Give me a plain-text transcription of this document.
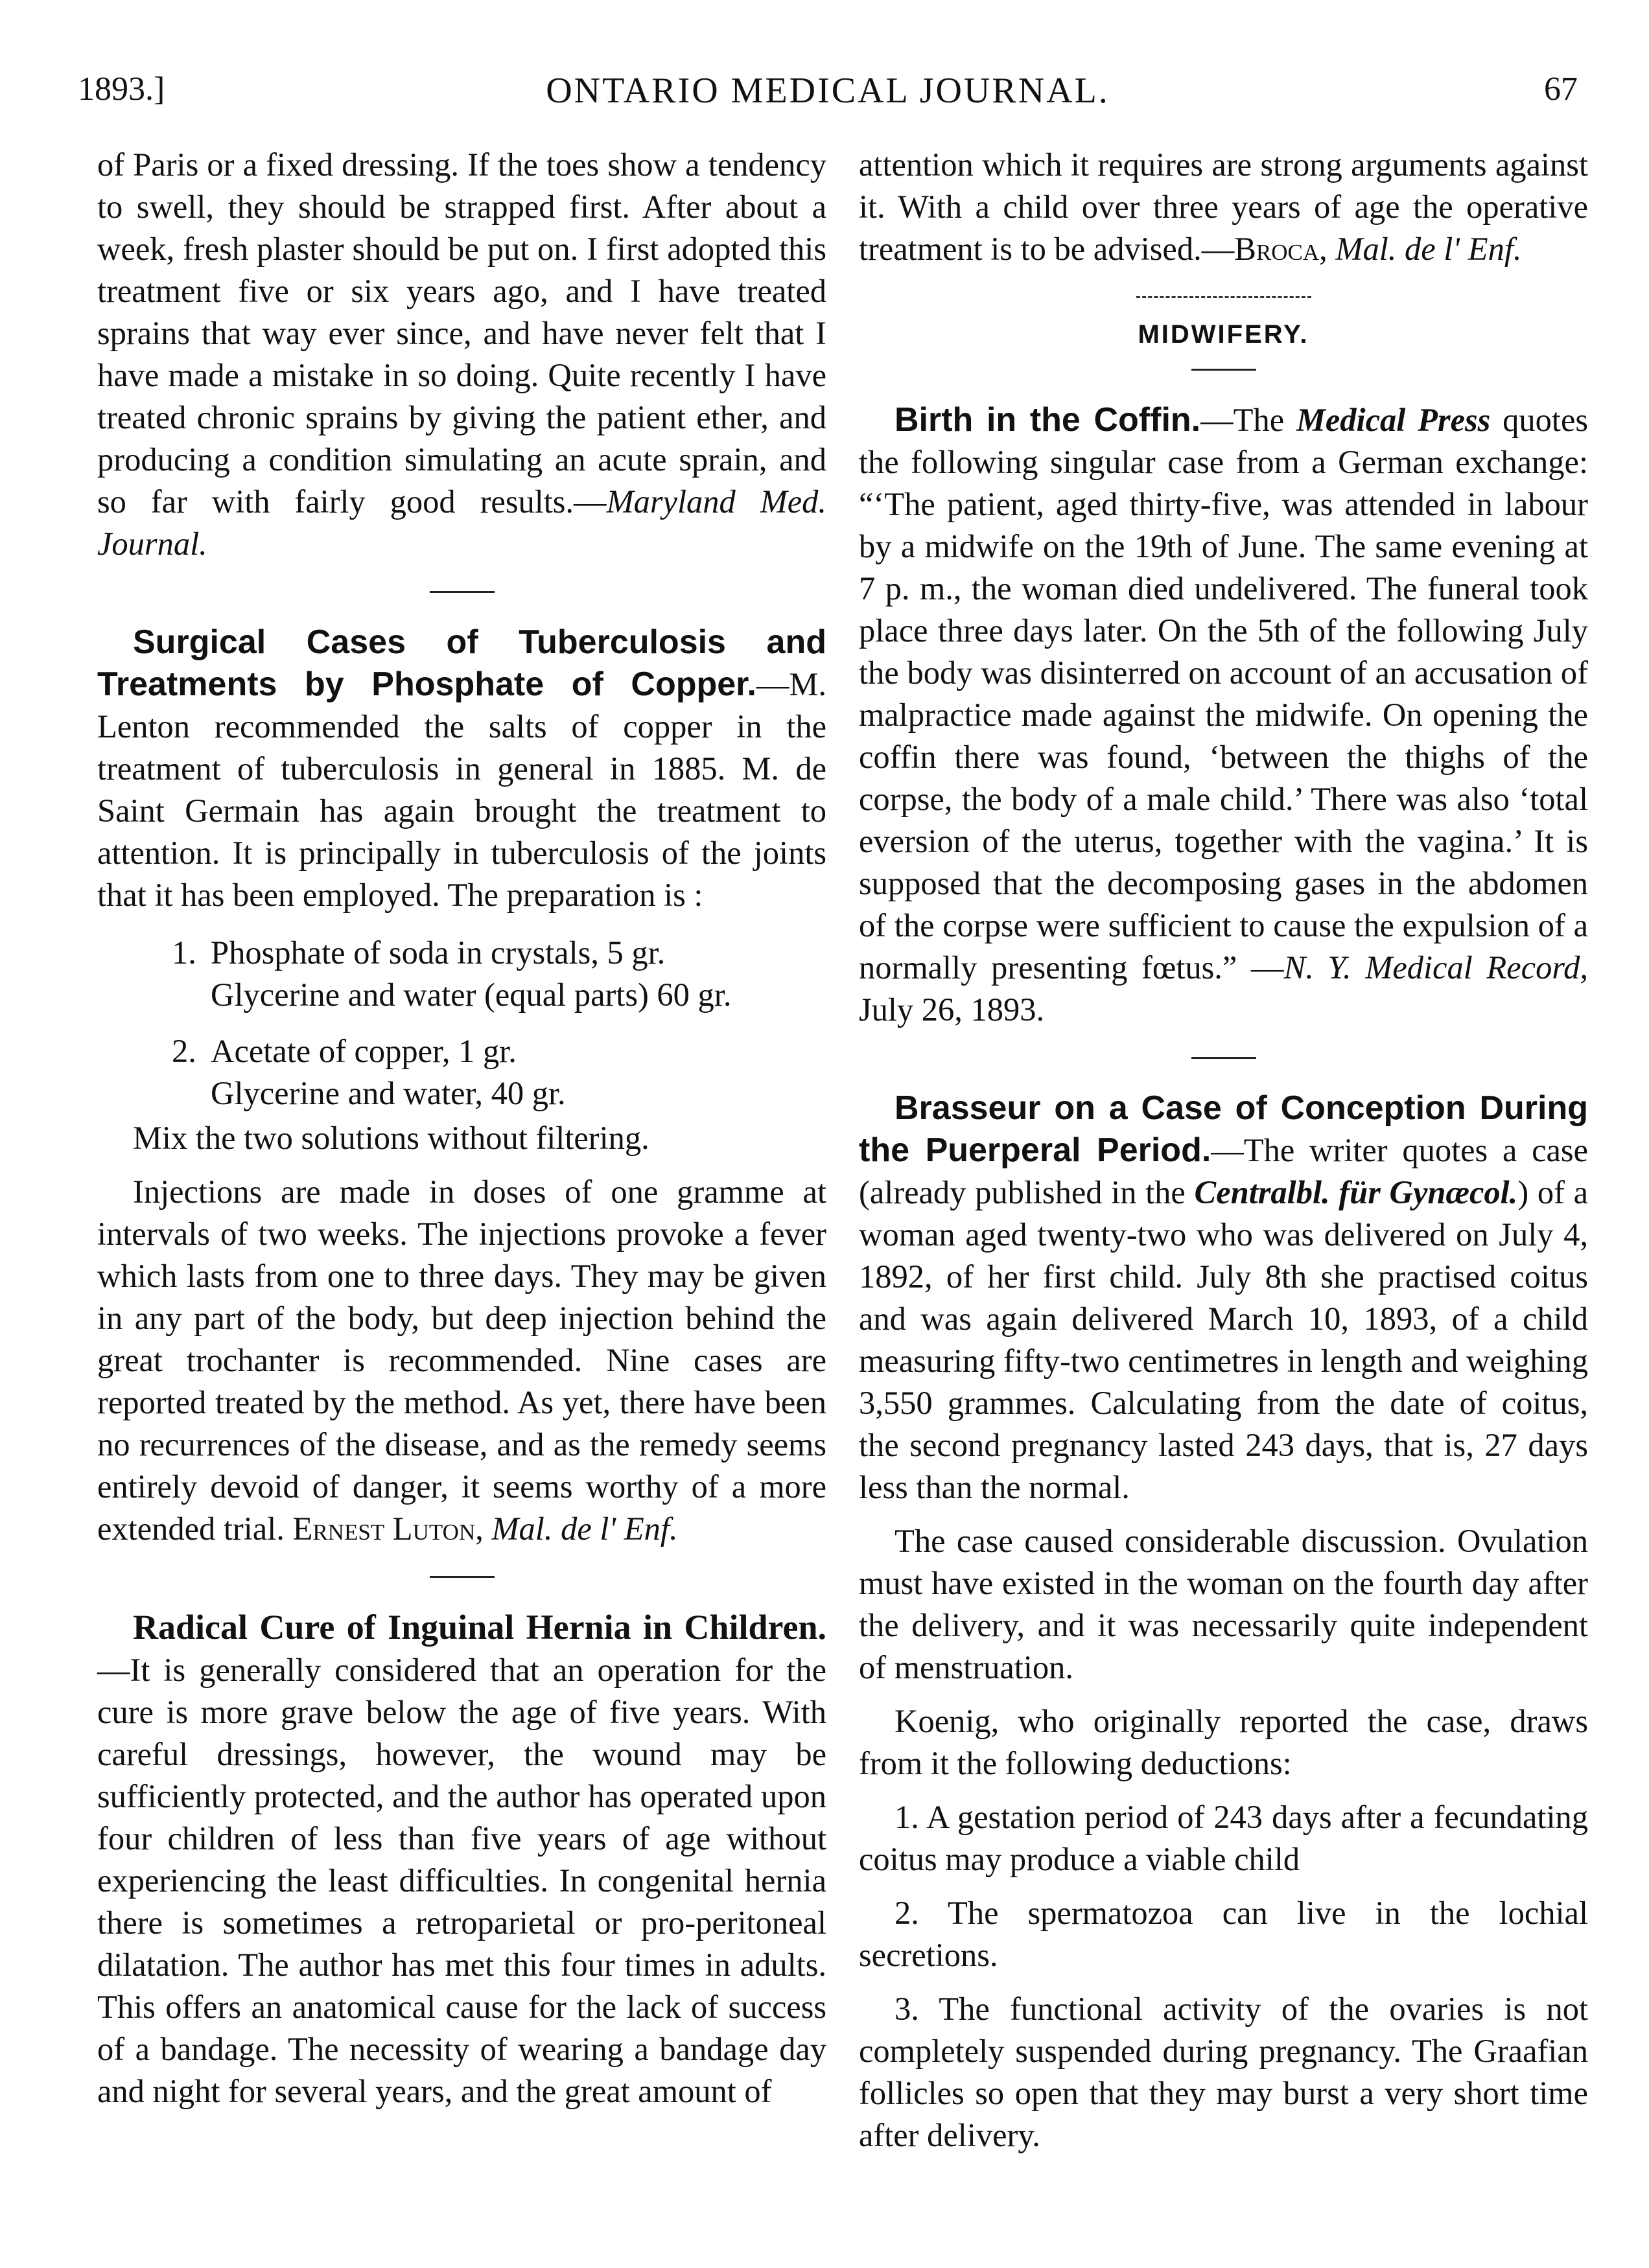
1893.]	ONTARIO MEDICAL JOURNAL.	67

of Paris or a fixed dressing. If the toes show a tendency to swell, they should be strapped first. After about a week, fresh plaster should be put on. I first adopted this treatment five or six years ago, and I have treated sprains that way ever since, and have never felt that I have made a mistake in so doing. Quite recently I have treated chronic sprains by giving the patient ether, and producing a condition simulating an acute sprain, and so far with fairly good results.—Maryland Med. Journal.

Surgical Cases of Tuberculosis and Treatments by Phosphate of Copper.—M. Lenton recommended the salts of copper in the treatment of tuberculosis in general in 1885. M. de Saint Germain has again brought the treatment to attention. It is principally in tuberculosis of the joints that it has been employed. The preparation is :

1. Phosphate of soda in crystals, 5 gr.
Glycerine and water (equal parts) 60 gr.
2. Acetate of copper, 1 gr.
Glycerine and water, 40 gr.

Mix the two solutions without filtering.

Injections are made in doses of one gramme at intervals of two weeks. The injections provoke a fever which lasts from one to three days. They may be given in any part of the body, but deep injection behind the great trochanter is recommended. Nine cases are reported treated by the method. As yet, there have been no recurrences of the disease, and as the remedy seems entirely devoid of danger, it seems worthy of a more extended trial. Ernest Luton, Mal. de l' Enf.

Radical Cure of Inguinal Hernia in Children.—It is generally considered that an operation for the cure is more grave below the age of five years. With careful dressings, however, the wound may be sufficiently protected, and the author has operated upon four children of less than five years of age without experiencing the least difficulties. In congenital hernia there is sometimes a retroparietal or pro-peritoneal dilatation. The author has met this four times in adults. This offers an anatomical cause for the lack of success of a bandage. The necessity of wearing a bandage day and night for several years, and the great amount of

attention which it requires are strong arguments against it. With a child over three years of age the operative treatment is to be advised.—Broca, Mal. de l' Enf.

MIDWIFERY.

Birth in the Coffin.—The Medical Press quotes the following singular case from a German exchange: “‘The patient, aged thirty-five, was attended in labour by a midwife on the 19th of June. The same evening at 7 p. m., the woman died undelivered. The funeral took place three days later. On the 5th of the following July the body was disinterred on account of an accusation of malpractice made against the midwife. On opening the coffin there was found, ‘between the thighs of the corpse, the body of a male child.’ There was also ‘total eversion of the uterus, together with the vagina.’ It is supposed that the decomposing gases in the abdomen of the corpse were sufficient to cause the expulsion of a normally presenting fœtus.” —N. Y. Medical Record, July 26, 1893.

Brasseur on a Case of Conception During the Puerperal Period.—The writer quotes a case (already published in the Centralbl. für Gynæcol.) of a woman aged twenty-two who was delivered on July 4, 1892, of her first child. July 8th she practised coitus and was again delivered March 10, 1893, of a child measuring fifty-two centimetres in length and weighing 3,550 grammes. Calculating from the date of coitus, the second pregnancy lasted 243 days, that is, 27 days less than the normal.

The case caused considerable discussion. Ovulation must have existed in the woman on the fourth day after the delivery, and it was necessarily quite independent of menstruation.

Koenig, who originally reported the case, draws from it the following deductions:

1. A gestation period of 243 days after a fecundating coitus may produce a viable child

2. The spermatozoa can live in the lochial secretions.

3. The functional activity of the ovaries is not completely suspended during pregnancy. The Graafian follicles so open that they may burst a very short time after delivery.
